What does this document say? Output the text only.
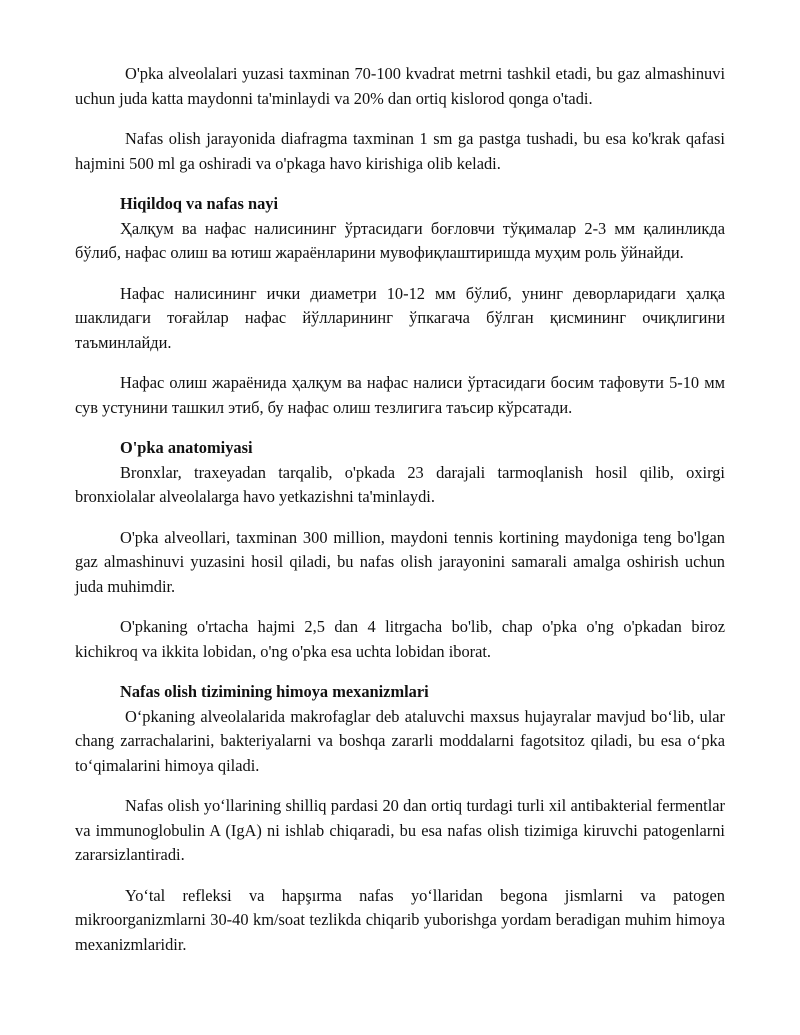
O'pka alveolalari yuzasi taxminan 70-100 kvadrat metrni tashkil etadi, bu gaz almashinuvi uchun juda katta maydonni ta'minlaydi va 20% dan ortiq kislorod qonga o'tadi.

Nafas olish jarayonida diafragma taxminan 1 sm ga pastga tushadi, bu esa ko'krak qafasi hajmini 500 ml ga oshiradi va o'pkaga havo kirishiga olib keladi.

Hiqildoq va nafas nayi

Ҳалқум ва нафас налисининг ўртасидаги боғловчи тўқималар 2-3 мм қалинликда бўлиб, нафас олиш ва ютиш жараёнларини мувофиқлаштиришда муҳим роль ўйнайди.

Нафас налисининг ички диаметри 10-12 мм бўлиб, унинг деворларидаги ҳалқа шаклидаги тоғайлар нафас йўлларининг ўпкагача бўлган қисмининг очиқлигини таъминлайди.

Нафас олиш жараёнида ҳалқум ва нафас налиси ўртасидаги босим тафовути 5-10 мм сув устунини ташкил этиб, бу нафас олиш тезлигига таъсир кўрсатади.

O'pka anatomiyasi

Bronxlar, traxeyadan tarqalib, o'pkada 23 darajali tarmoqlanish hosil qilib, oxirgi bronxiolalar alveolalarga havo yetkazishni ta'minlaydi.

O'pka alveollari, taxminan 300 million, maydoni tennis kortining maydoniga teng bo'lgan gaz almashinuvi yuzasini hosil qiladi, bu nafas olish jarayonini samarali amalga oshirish uchun juda muhimdir.

O'pkaning o'rtacha hajmi 2,5 dan 4 litrgacha bo'lib, chap o'pka o'ng o'pkadan biroz kichikroq va ikkita lobidan, o'ng o'pka esa uchta lobidan iborat.

Nafas olish tizimining himoya mexanizmlari

O‘pkaning alveolalarida makrofaglar deb ataluvchi maxsus hujayralar mavjud bo‘lib, ular chang zarrachalarini, bakteriyalarni va boshqa zararli moddalarni fagotsitoz qiladi, bu esa o‘pka to‘qimalarini himoya qiladi.

Nafas olish yo‘llarining shilliq pardasi 20 dan ortiq turdagi turli xil antibakterial fermentlar va immunoglobulin A (IgA) ni ishlab chiqaradi, bu esa nafas olish tizimiga kiruvchi patogenlarni zararsizlantiradi.

Yo‘tal refleksi va hapşırma nafas yo‘llaridan begona jismlarni va patogen mikroorganizmlarni 30-40 km/soat tezlikda chiqarib yuborishga yordam beradigan muhim himoya mexanizmlaridir.
